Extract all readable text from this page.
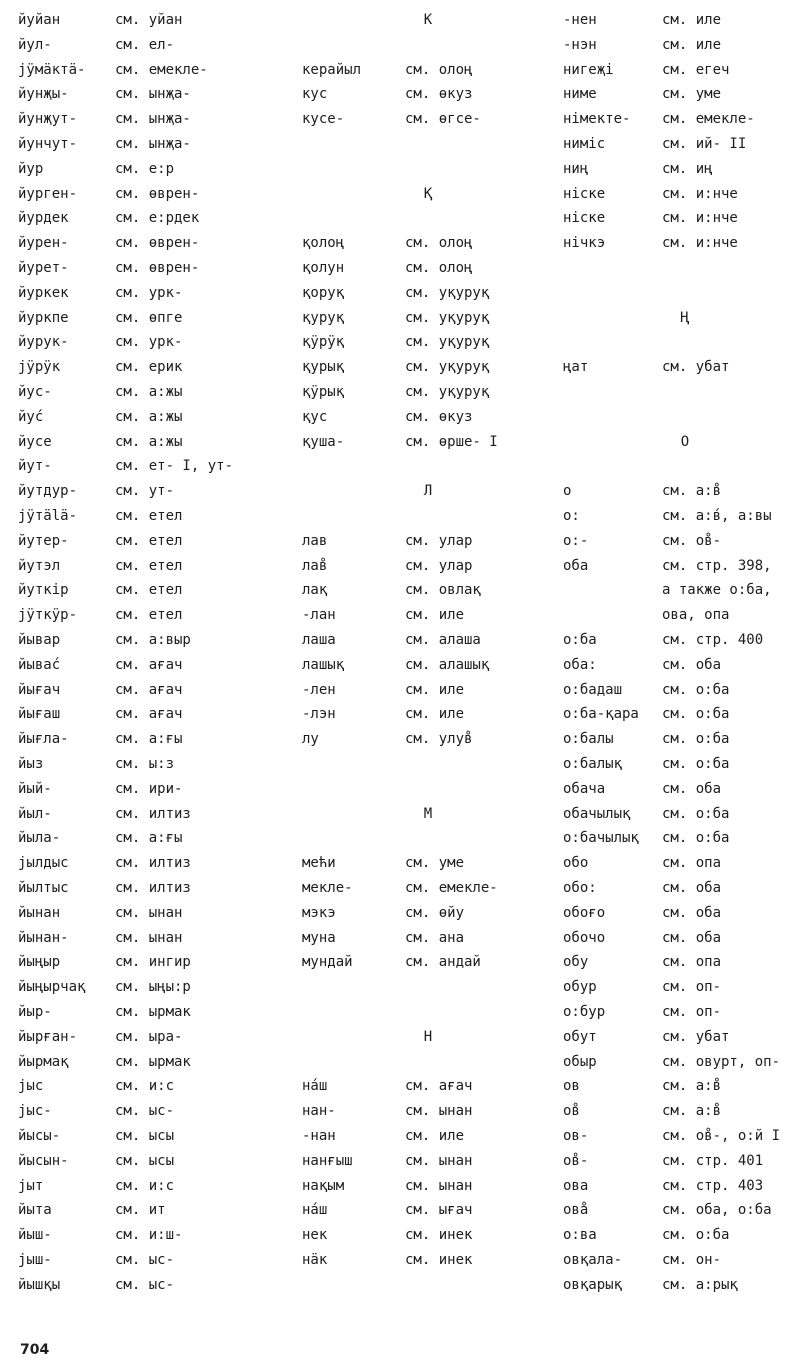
йуйан	см. уйан
йул-	см. ел-
јӱмӓктӓ- см. емекле-
йунҗы-	см. ынҗа-
йунҗут-	см. ынҗа-
йунчут-	см. ынҗа-
йур	см. е:р
йурген-	см. өврен-
йурдек	см. е:рдек
йурен-	см. өврен-
йурет-	см. өврен-
йуркек	см. урк-
йуркпе	см. өпге
йурук-	см. урк-
јӱрӱк	см. ерик
йус-	см. а:жы
йус́	см. а:жы
йусе	см. а:жы
йут-	см. ет- I, ут-
йутдур-	см. ут-
јӱтӓlӓ-	см. етел
йутер-	см. етел
йутэл	см. етел
йуткiр	см. етел
јӱткӱр-	см. етел
йывар	см. а:выр
йывас́	см. ағач
йығач	см. ағач
йығаш	см. ағач
йығла-	см. а:ғы
йыз	см. ы:з
йый-	см. ири-
йыл-	см. илтиз
йыла-	см. а:ғы
јылдыс	см. илтиз
йылтыс	см. илтиз
йынан	см. ынан
йынан-	см. ынан
йыңыр	см. ингир
йыңырчақ см. ыңы:р
йыр-	см. ырмак
йырған-	см. ыра-
йырмақ	см. ырмак
јыс	см. и:с
јыс-	см. ыс-
йысы-	см. ысы
йысын-	см. ысы
јыт	см. и:с
йыта	см. ит
йыш-	см. и:ш-
јыш-	см. ыс-
йышқы	см. ыс-
К
керайыл	см. олоң
кус	см. өкуз
кусе-	см. өгсе-
Қ
қолоң	см. олоң
қолун	см. олоң
қоруқ	см. уқуруқ
қуруқ	см. уқуруқ
қӱрӱқ	см. уқуруқ
қурық	см. уқуруқ
қӱрық	см. уқуруқ
қус	см. өкуз
қуша-	см. өрше- I
Л
лав	см. улар
лав̊	см. улар
лақ	см. овлақ
-лан	см. иле
лаша	см. алаша
лашық	см. алашық
-лен	см. иле
-лэн	см. иле
лу	см. улув̊
М
мећи	см. уме
мекле-	см. емекле-
мэкэ	см. өйу
муна	см. ана
мундай	см. андай
Н
на́ш	см. ағач
нан-	см. ынан
-нан	см. иле
нанғыш	см. ынан
нақым	см. ынан
на́ш	см. ығач
нек	см. инек
нӓк	см. инек
-нен	см. иле
-нэн	см. иле
нигеҗi	см. егеч
ниме	см. уме
нiмекте- см. емекле-
нимiс	см. ий- II
ниң	см. иң
нiске	см. и:нче
нiске	см. и:нче
нiчкэ	см. и:нче
Ң
ңат	см. убат
О
о	см. а:в̊
о:	см. а:в́, а:вы
о:-	см. ов̊-
оба	см. стр. 398,
а также о:ба,
ова, опа
о:ба	см. стр. 400
оба:	см. оба
о:бадаш	см. о:ба
о:ба-қара см. о:ба
о:балы	см. о:ба
о:балық	см. о:ба
обача	см. оба
обачылық см. о:ба
о:бачылық см. о:ба
обо	см. опа
обо:	см. оба
обоғо	см. оба
обочо	см. оба
обу	см. опа
обур	см. оп-
о:бур	см. оп-
обут	см. убат
обыр	см. овурт, оп-
ов	см. а:в̊
ов̊	см. а:в̊
ов-	см. ов̊-, о:й I
ов̊-	см. стр. 401
ова	см. стр. 403
ова̊	см. оба, о:ба
о:ва	см. о:ба
овқала-	см. он-
овқарық	см. а:рық
704
